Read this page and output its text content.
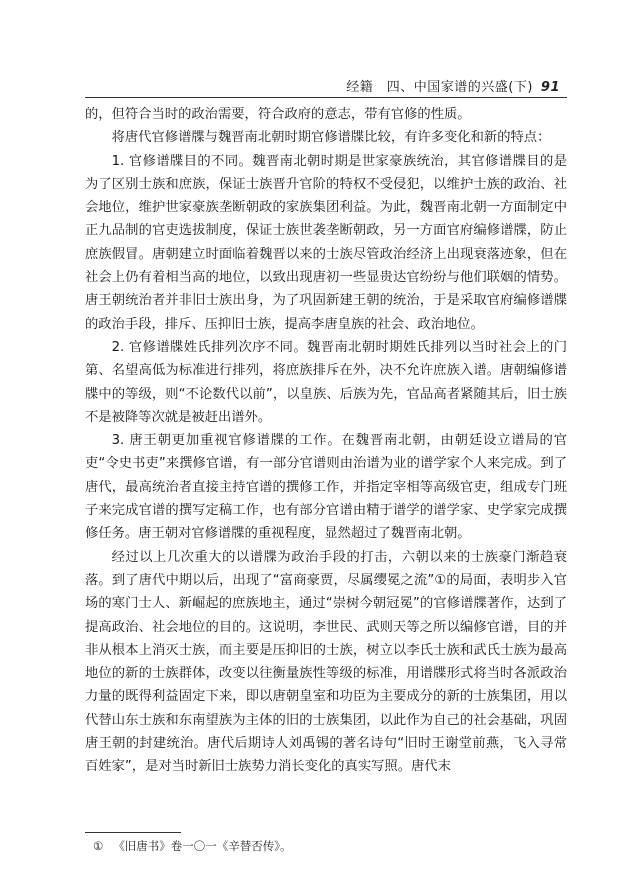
经籍　四、中国家谱的兴盛(下) 91

的，但符合当时的政治需要，符合政府的意志，带有官修的性质。

将唐代官修谱牒与魏晋南北朝时期官修谱牒比较，有许多变化和新的特点：

1. 官修谱牒目的不同。魏晋南北朝时期是世家豪族统治，其官修谱牒目的是为了区别士族和庶族，保证士族晋升官阶的特权不受侵犯，以维护士族的政治、社会地位，维护世家豪族垄断朝政的家族集团利益。为此，魏晋南北朝一方面制定中正九品制的官吏选拔制度，保证士族世袭垄断朝政，另一方面官府编修谱牒，防止庶族假冒。唐朝建立时面临着魏晋以来的士族尽管政治经济上出现衰落迹象，但在社会上仍有着相当高的地位，以致出现唐初一些显贵达官纷纷与他们联姻的情势。唐王朝统治者并非旧士族出身，为了巩固新建王朝的统治，于是采取官府编修谱牒的政治手段，排斥、压抑旧士族，提高李唐皇族的社会、政治地位。

2. 官修谱牒姓氏排列次序不同。魏晋南北朝时期姓氏排列以当时社会上的门第、名望高低为标准进行排列，将庶族排斥在外，决不允许庶族入谱。唐朝编修谱牒中的等级，则“不论数代以前”，以皇族、后族为先，官品高者紧随其后，旧士族不是被降等次就是被赶出谱外。

3. 唐王朝更加重视官修谱牒的工作。在魏晋南北朝，由朝廷设立谱局的官吏“令史书吏”来撰修官谱，有一部分官谱则由治谱为业的谱学家个人来完成。到了唐代，最高统治者直接主持官谱的撰修工作，并指定宰相等高级官吏，组成专门班子来完成官谱的撰写定稿工作，也有部分官谱由精于谱学的谱学家、史学家完成撰修任务。唐王朝对官修谱牒的重视程度，显然超过了魏晋南北朝。

经过以上几次重大的以谱牒为政治手段的打击，六朝以来的士族豪门渐趋衰落。到了唐代中期以后，出现了“富商豪贾，尽属缨冕之流”①的局面，表明步入官场的寒门士人、新崛起的庶族地主，通过“崇树今朝冠冕”的官修谱牒著作，达到了提高政治、社会地位的目的。这说明，李世民、武则天等之所以编修官谱，目的并非从根本上消灭士族，而主要是压抑旧的士族，树立以李氏士族和武氏士族为最高地位的新的士族群体，改变以往衡量族性等级的标准，用谱牒形式将当时各派政治力量的既得利益固定下来，即以唐朝皇室和功臣为主要成分的新的士族集团，用以代替山东士族和东南望族为主体的旧的士族集团，以此作为自己的社会基础，巩固唐王朝的封建统治。唐代后期诗人刘禹锡的著名诗句“旧时王谢堂前燕，飞入寻常百姓家”，是对当时新旧士族势力消长变化的真实写照。唐代末

① 《旧唐书》卷一〇一《辛替否传》。
